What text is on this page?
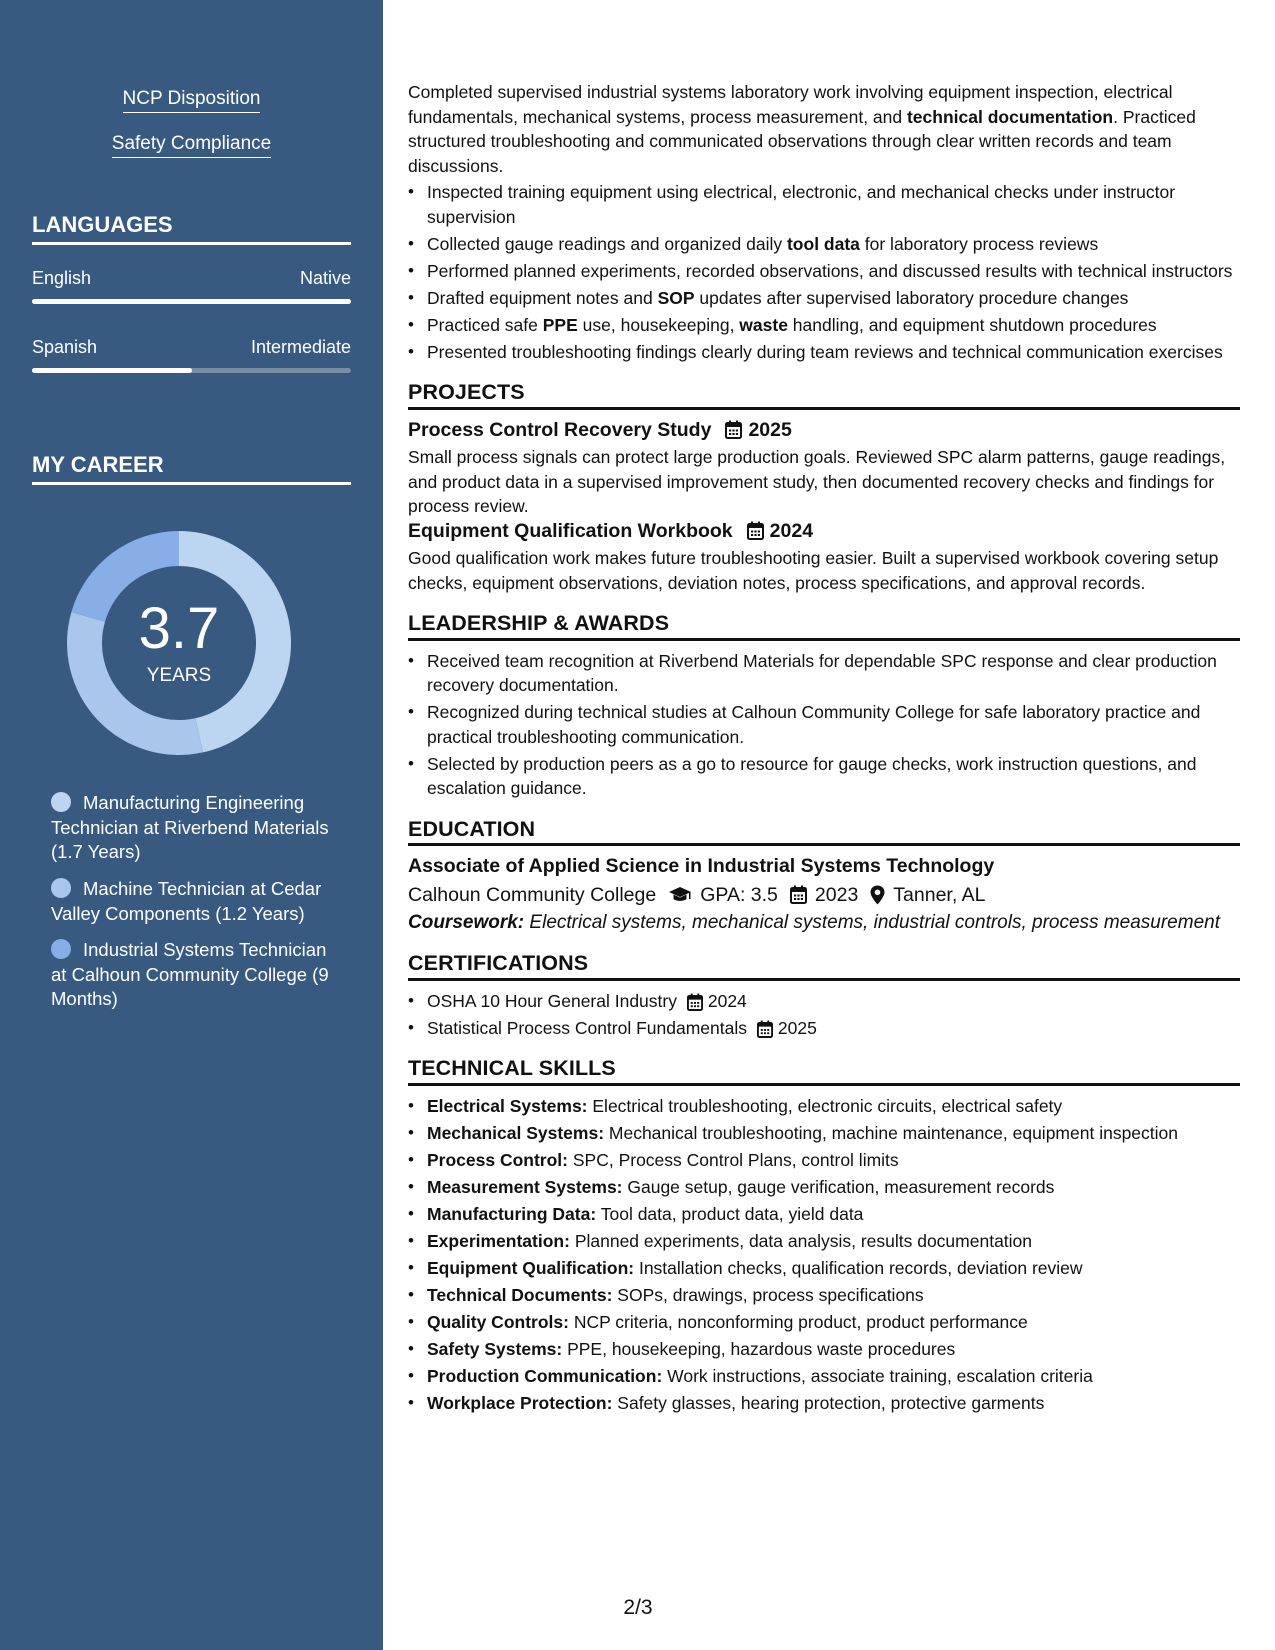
NCP Disposition
Safety Compliance
LANGUAGES
English	Native
Spanish	Intermediate
MY CAREER
3.7
YEARS
Manufacturing Engineering Technician at Riverbend Materials (1.7 Years)
Machine Technician at Cedar Valley Components (1.2 Years)
Industrial Systems Technician at Calhoun Community College (9 Months)

Completed supervised industrial systems laboratory work involving equipment inspection, electrical fundamentals, mechanical systems, process measurement, and technical documentation. Practiced structured troubleshooting and communicated observations through clear written records and team discussions.

• Inspected training equipment using electrical, electronic, and mechanical checks under instructor supervision
• Collected gauge readings and organized daily tool data for laboratory process reviews
• Performed planned experiments, recorded observations, and discussed results with technical instructors
• Drafted equipment notes and SOP updates after supervised laboratory procedure changes
• Practiced safe PPE use, housekeeping, waste handling, and equipment shutdown procedures
• Presented troubleshooting findings clearly during team reviews and technical communication exercises
PROJECTS
Process Control Recovery Study 2025

Small process signals can protect large production goals. Reviewed SPC alarm patterns, gauge readings, and product data in a supervised improvement study, then documented recovery checks and findings for process review.

Equipment Qualification Workbook 2024

Good qualification work makes future troubleshooting easier. Built a supervised workbook covering setup checks, equipment observations, deviation notes, process specifications, and approval records.

LEADERSHIP & AWARDS
• Received team recognition at Riverbend Materials for dependable SPC response and clear production recovery documentation.
• Recognized during technical studies at Calhoun Community College for safe laboratory practice and practical troubleshooting communication.
• Selected by production peers as a go to resource for gauge checks, work instruction questions, and escalation guidance.
EDUCATION
Associate of Applied Science in Industrial Systems Technology
Calhoun Community College GPA: 3.5 2023 Tanner, AL

Coursework: Electrical systems, mechanical systems, industrial controls, process measurement

CERTIFICATIONS
• OSHA 10 Hour General Industry 2024
• Statistical Process Control Fundamentals 2025
TECHNICAL SKILLS
• Electrical Systems: Electrical troubleshooting, electronic circuits, electrical safety
• Mechanical Systems: Mechanical troubleshooting, machine maintenance, equipment inspection
• Process Control: SPC, Process Control Plans, control limits
• Measurement Systems: Gauge setup, gauge verification, measurement records
• Manufacturing Data: Tool data, product data, yield data
• Experimentation: Planned experiments, data analysis, results documentation
• Equipment Qualification: Installation checks, qualification records, deviation review
• Technical Documents: SOPs, drawings, process specifications
• Quality Controls: NCP criteria, nonconforming product, product performance
• Safety Systems: PPE, housekeeping, hazardous waste procedures
• Production Communication: Work instructions, associate training, escalation criteria
• Workplace Protection: Safety glasses, hearing protection, protective garments
2/3
